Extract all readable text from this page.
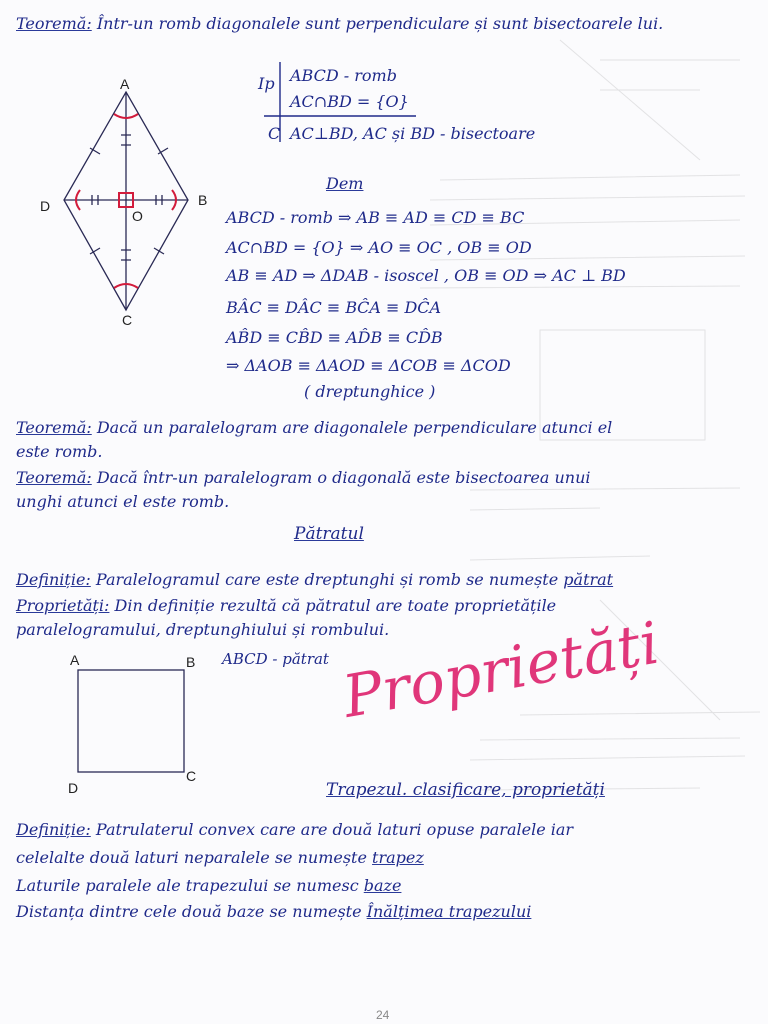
Teoremă: Într-un romb diagonalele sunt perpendiculare și sunt bisectoarele lui.
A
B
C
D
O
Ip ABCD - romb
AC∩BD = {O}
C AC⊥BD, AC și BD - bisectoare
Dem
ABCD - romb ⇒ AB ≡ AD ≡ CD ≡ BC
AC∩BD = {O} ⇒ AO ≡ OC , OB ≡ OD
AB ≡ AD ⇒ ΔDAB - isoscel , OB ≡ OD ⇒ AC ⊥ BD
BÂC ≡ DÂC ≡ BĈA ≡ DĈA
AB̂D ≡ CB̂D ≡ AD̂B ≡ CD̂B
⇒ ΔAOB ≡ ΔAOD ≡ ΔCOB ≡ ΔCOD
( dreptunghice )
Teoremă: Dacă un paralelogram are diagonalele perpendiculare atunci el
este romb.
Teoremă: Dacă într-un paralelogram o diagonală este bisectoarea unui
unghi atunci el este romb.
Pătratul
Definiție: Paralelogramul care este dreptunghi și romb se numește pătrat
Proprietăți: Din definiție rezultă că pătratul are toate proprietățile
paralelogramului, dreptunghiului și rombului.
A	B
C
D
ABCD - pătrat Proprietăți
Trapezul. clasificare, proprietăți
Definiție: Patrulaterul convex care are două laturi opuse paralele iar
celelalte două laturi neparalele se numește trapez
Laturile paralele ale trapezului se numesc baze
Distanța dintre cele două baze se numește Înălțimea trapezului
24
